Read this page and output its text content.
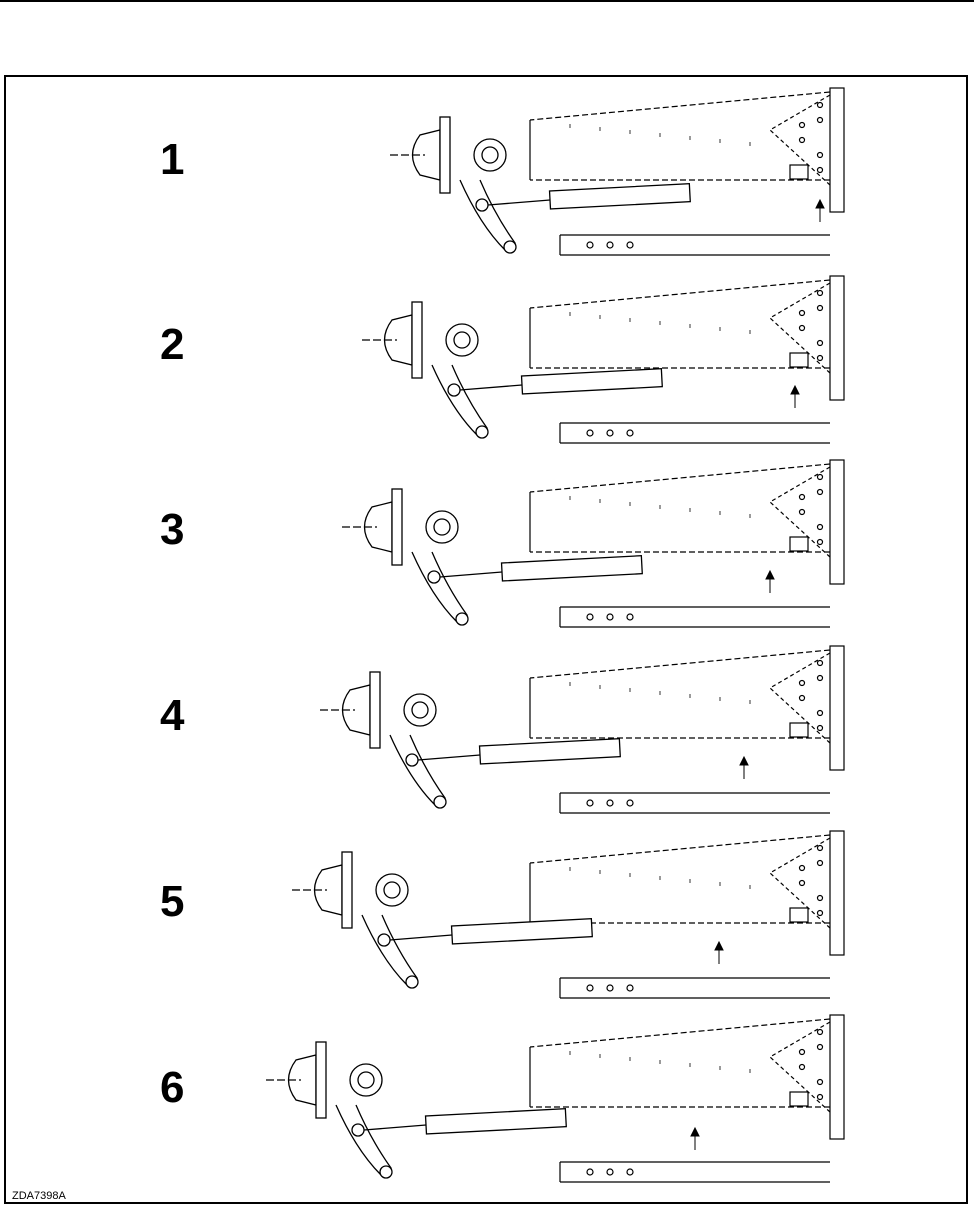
1
2
3
4
5
6
ZDA7398A
